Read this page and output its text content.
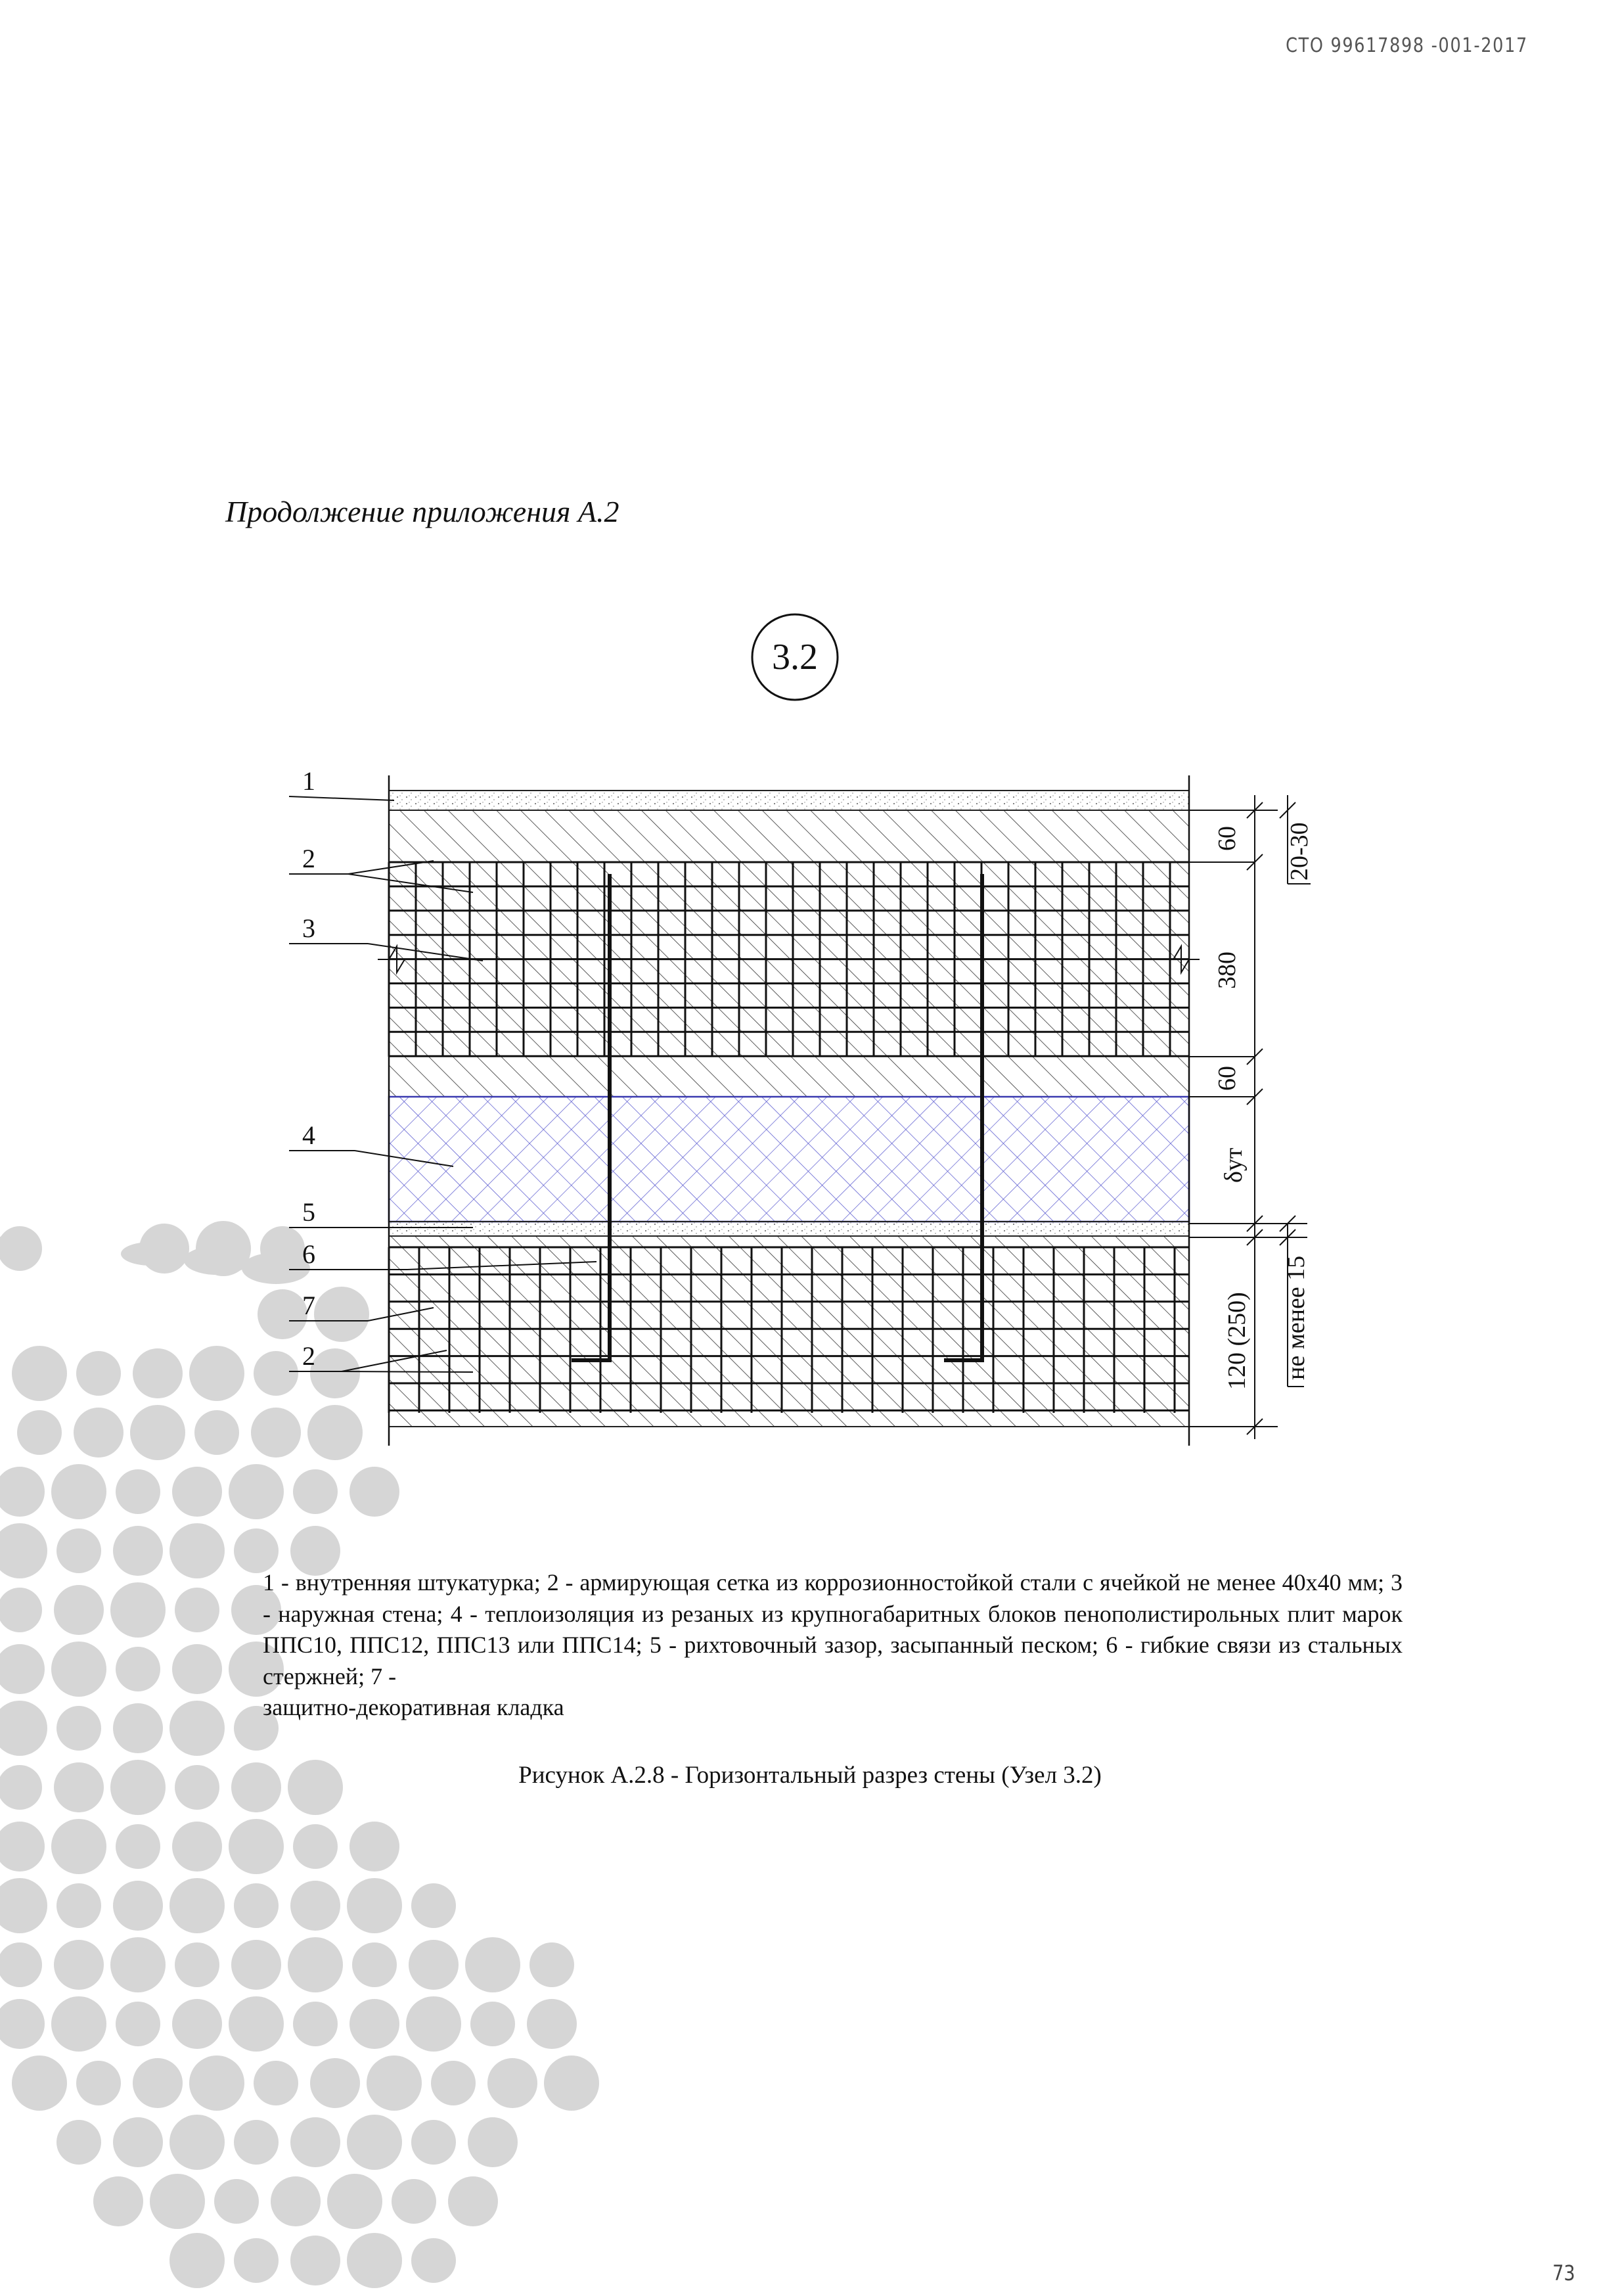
СТО 99617898 -001-2017
Продолжение приложения А.2
3.2
1
2
3
4
5
6
7
2
60 20-30
380
60
δут
120 (250) не менее 15
1 - внутренняя штукатурка; 2 - армирующая сетка из коррозионностойкой стали с ячейкой не менее 40х40 мм; 3 - наружная стена; 4 - теплоизоляция из резаных из крупногабаритных блоков пенополистирольных плит марок ППС10, ППС12, ППС13 или ППС14; 5 - рихтовочный зазор, засыпанный песком; 6 - гибкие связи из стальных стержней; 7 -
защитно-декоративная кладка
Рисунок А.2.8 - Горизонтальный разрез стены (Узел 3.2)
73
